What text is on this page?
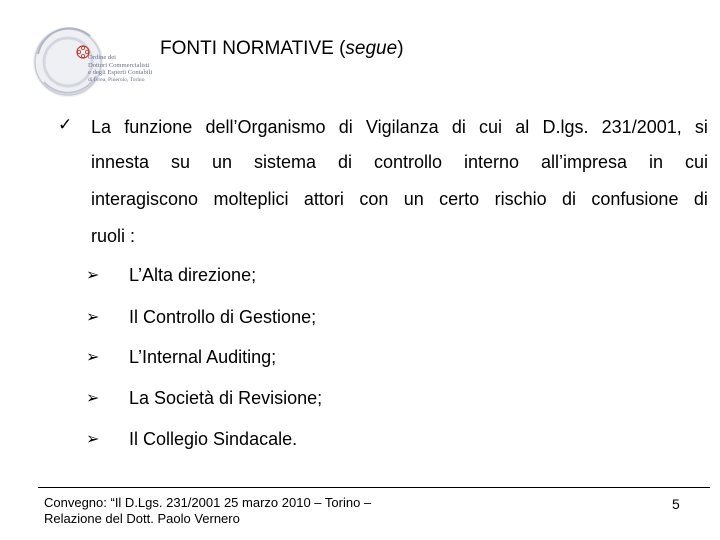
Ordine dei
Dottori Commercialisti
e degli Esperti Contabili
di Ivrea, Pinerolo, Torino
FONTI NORMATIVE (segue)
✓ La funzione dell’Organismo di Vigilanza di cui al D.lgs. 231/2001, si
innesta su un sistema di controllo interno all’impresa in cui
interagiscono molteplici attori con un certo rischio di confusione di
ruoli :
➢ L’Alta direzione;
➢ Il Controllo di Gestione;
➢ L’Internal Auditing;
➢ La Società di Revisione;
➢ Il Collegio Sindacale.
Convegno: “Il D.Lgs. 231/2001 25 marzo 2010 – Torino –
Relazione del Dott. Paolo Vernero
5
